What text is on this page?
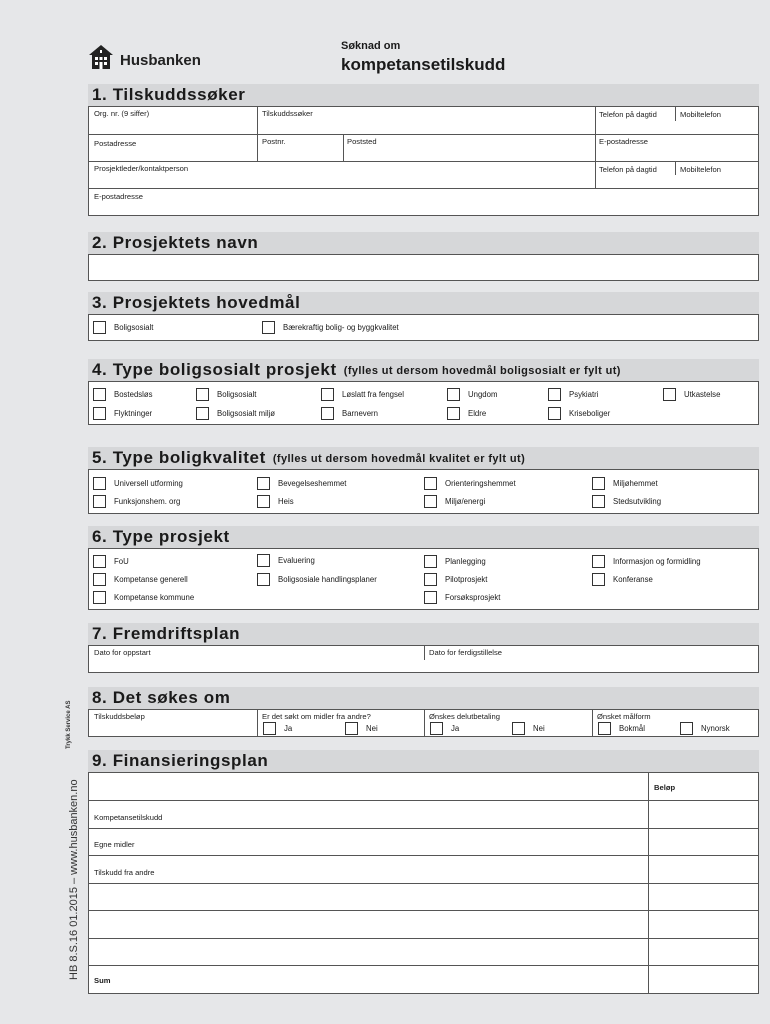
Husbanken
Søknad om
kompetansetilskudd
HB 8.S.16 01.2015 – www.husbanken.no
Trykk Service AS
1. Tilskuddssøker
Org. nr. (9 siffer)	Tilskuddssøker	Telefon på dagtid	Mobiltelefon
Postadresse	Postnr.	Poststed	E-postadresse
Prosjektleder/kontaktperson	Telefon på dagtid	Mobiltelefon
E-postadresse
2. Prosjektets navn
3. Prosjektets hovedmål
Boligsosialt	Bærekraftig bolig- og byggkvalitet
4. Type boligsosialt prosjekt (fylles ut dersom hovedmål boligsosialt er fylt ut)
Bostedsløs	Boligsosialt	Løslatt fra fengsel	Ungdom	Psykiatri	Utkastelse
Flyktninger	Boligsosialt miljø	Barnevern	Eldre	Kriseboliger
5. Type boligkvalitet (fylles ut dersom hovedmål kvalitet er fylt ut)
Universell utforming	Bevegelseshemmet	Orienteringshemmet	Miljøhemmet
Funksjonshem. org	Heis	Miljø/energi	Stedsutvikling
6. Type prosjekt
FoU	Evaluering	Planlegging	Informasjon og formidling
Kompetanse generell	Boligsosiale handlingsplaner	Pilotprosjekt	Konferanse
Kompetanse kommune	Forsøksprosjekt
7. Fremdriftsplan
Dato for oppstart	Dato for ferdigstillelse
8. Det søkes om
Tilskuddsbeløp	Er det søkt om midler fra andre?	Ønskes delutbetaling	Ønsket målform
Ja	Nei	Ja	Nei	Bokmål	Nynorsk
9. Finansieringsplan
Beløp
Kompetansetilskudd
Egne midler
Tilskudd fra andre
Sum
